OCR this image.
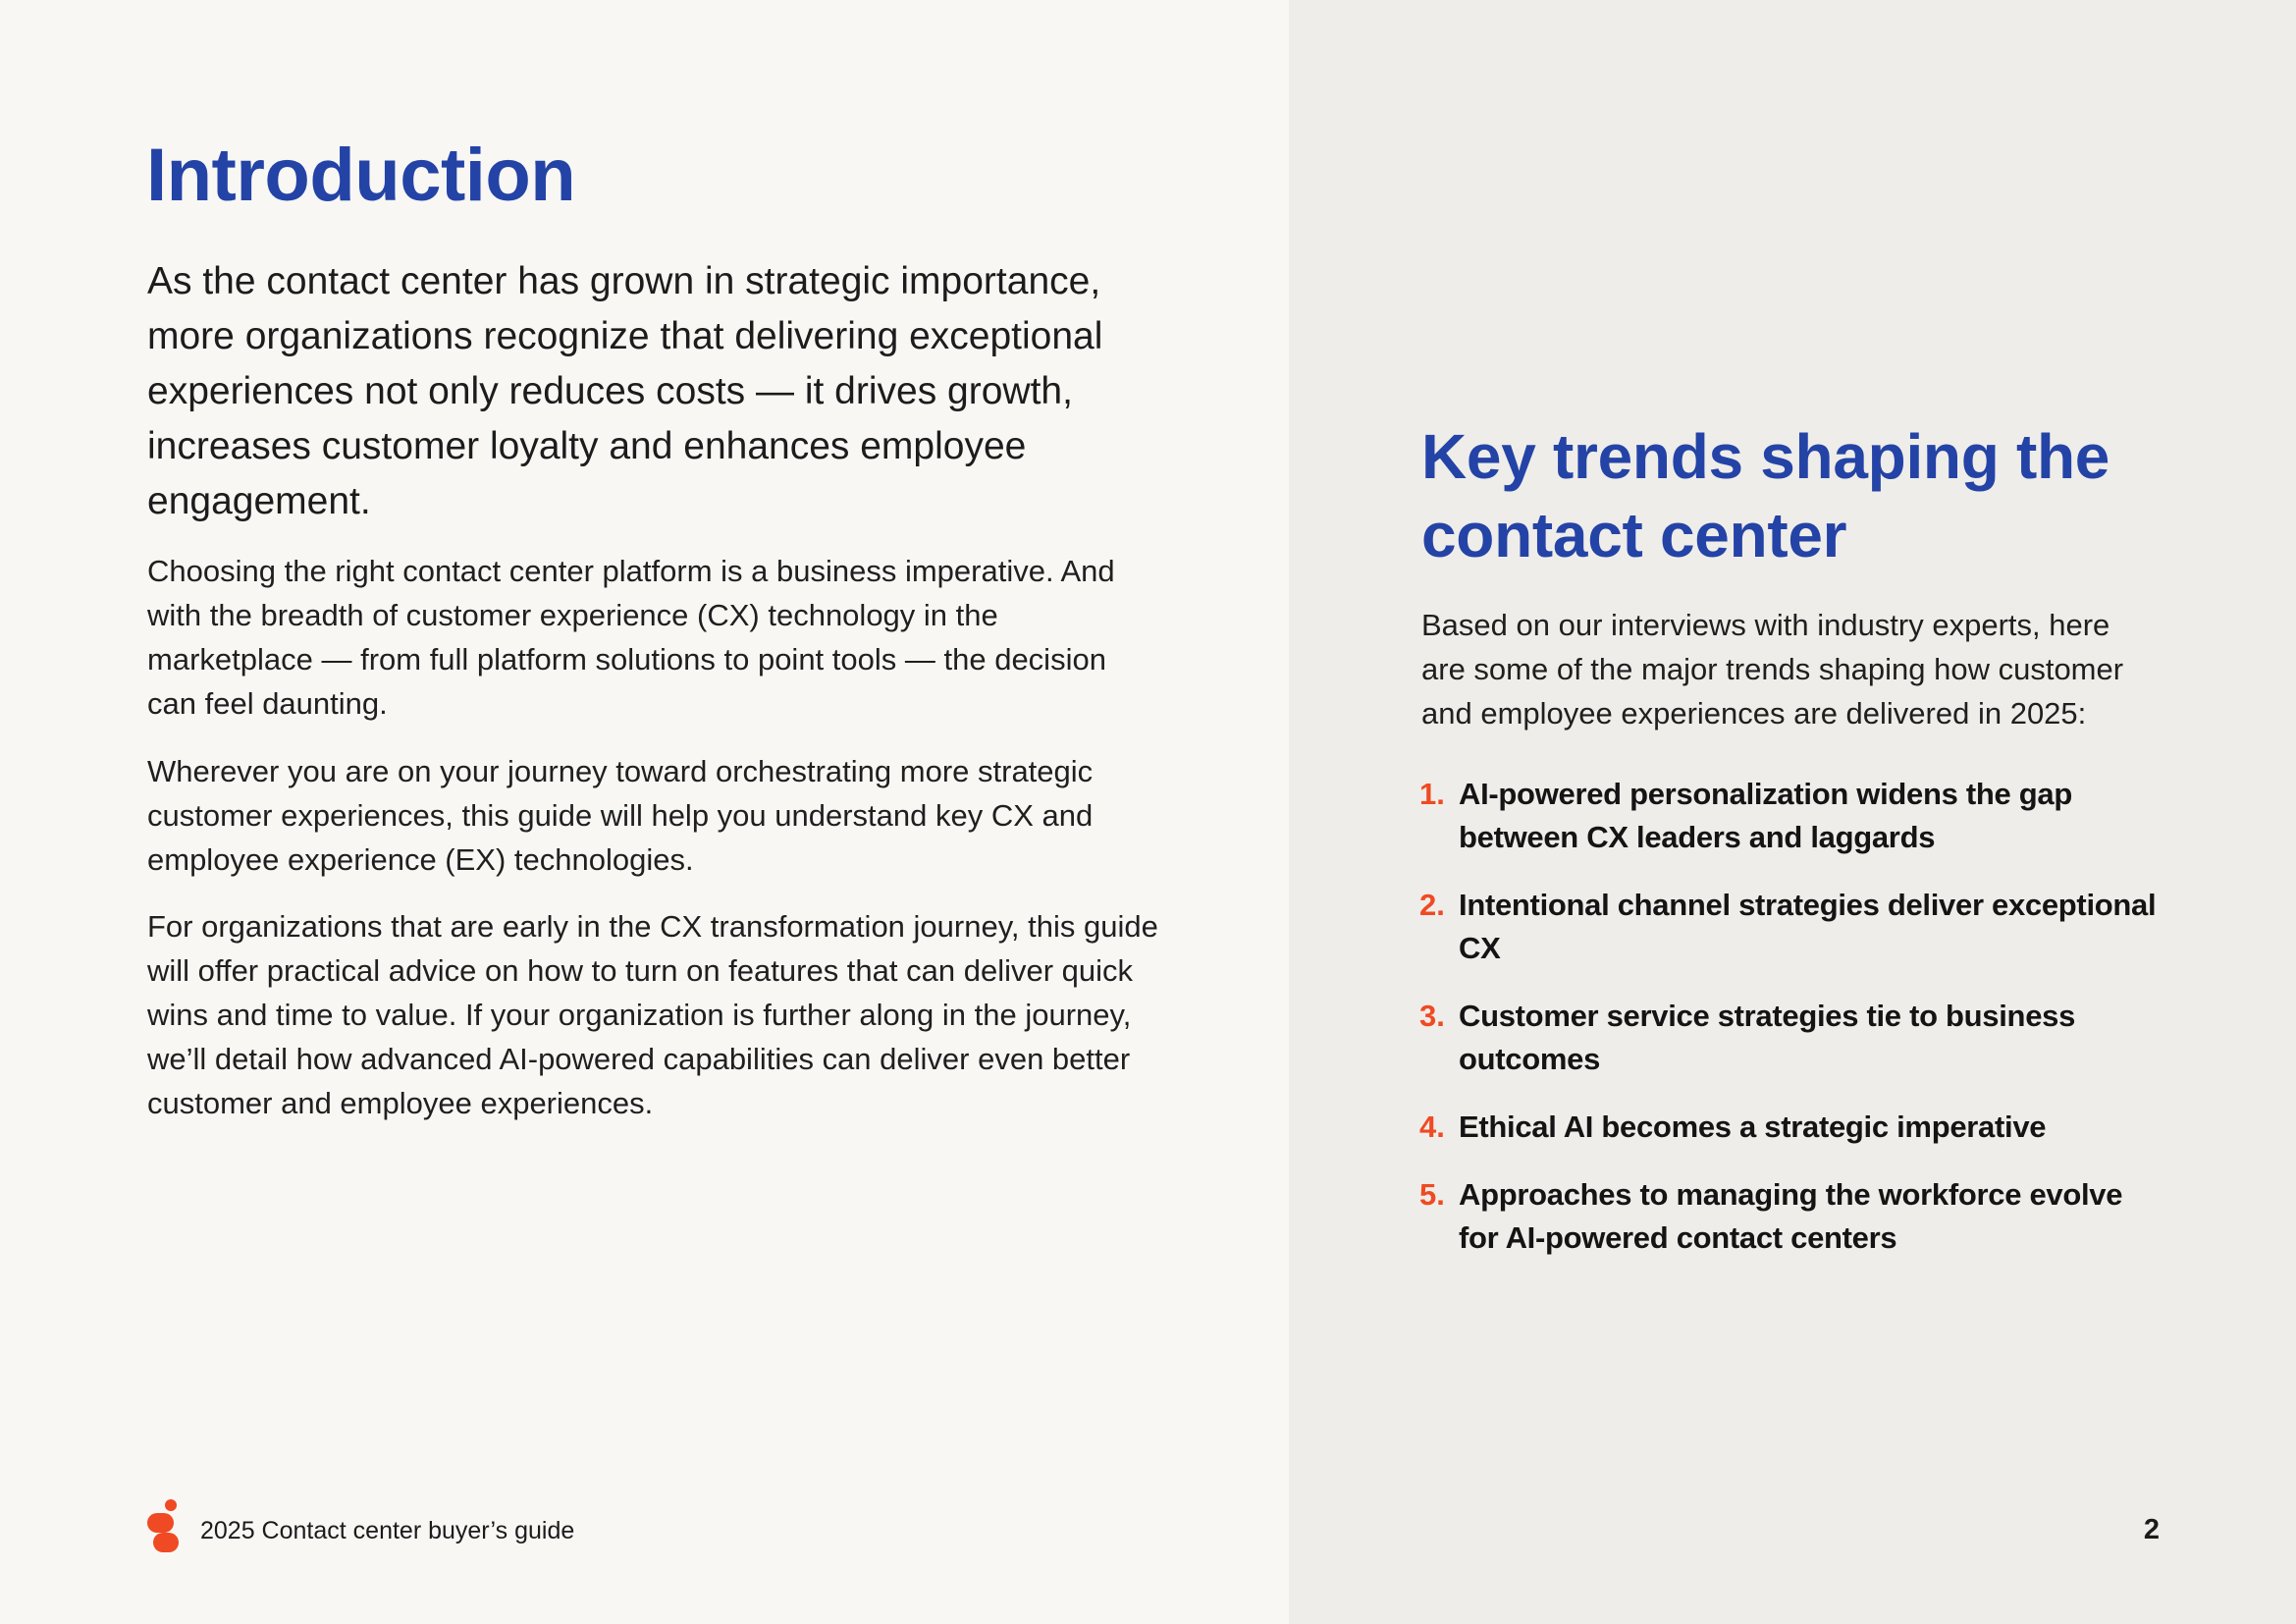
Introduction

As the contact center has grown in strategic importance, more organizations recognize that delivering exceptional experiences not only reduces costs — it drives growth, increases customer loyalty and enhances employee engagement.

Choosing the right contact center platform is a business imperative. And with the breadth of customer experience (CX) technology in the marketplace — from full platform solutions to point tools — the decision can feel daunting.

Wherever you are on your journey toward orchestrating more strategic customer experiences, this guide will help you understand key CX and employee experience (EX) technologies.

For organizations that are early in the CX transformation journey, this guide will offer practical advice on how to turn on features that can deliver quick wins and time to value. If your organization is further along in the journey, we’ll detail how advanced AI-powered capabilities can deliver even better customer and employee experiences.

Key trends shaping the contact center

Based on our interviews with industry experts, here are some of the major trends shaping how customer and employee experiences are delivered in 2025:

1. AI-powered personalization widens the gap between CX leaders and laggards
2. Intentional channel strategies deliver exceptional CX
3. Customer service strategies tie to business outcomes
4. Ethical AI becomes a strategic imperative
5. Approaches to managing the workforce evolve for AI-powered contact centers
2025 Contact center buyer’s guide	2
